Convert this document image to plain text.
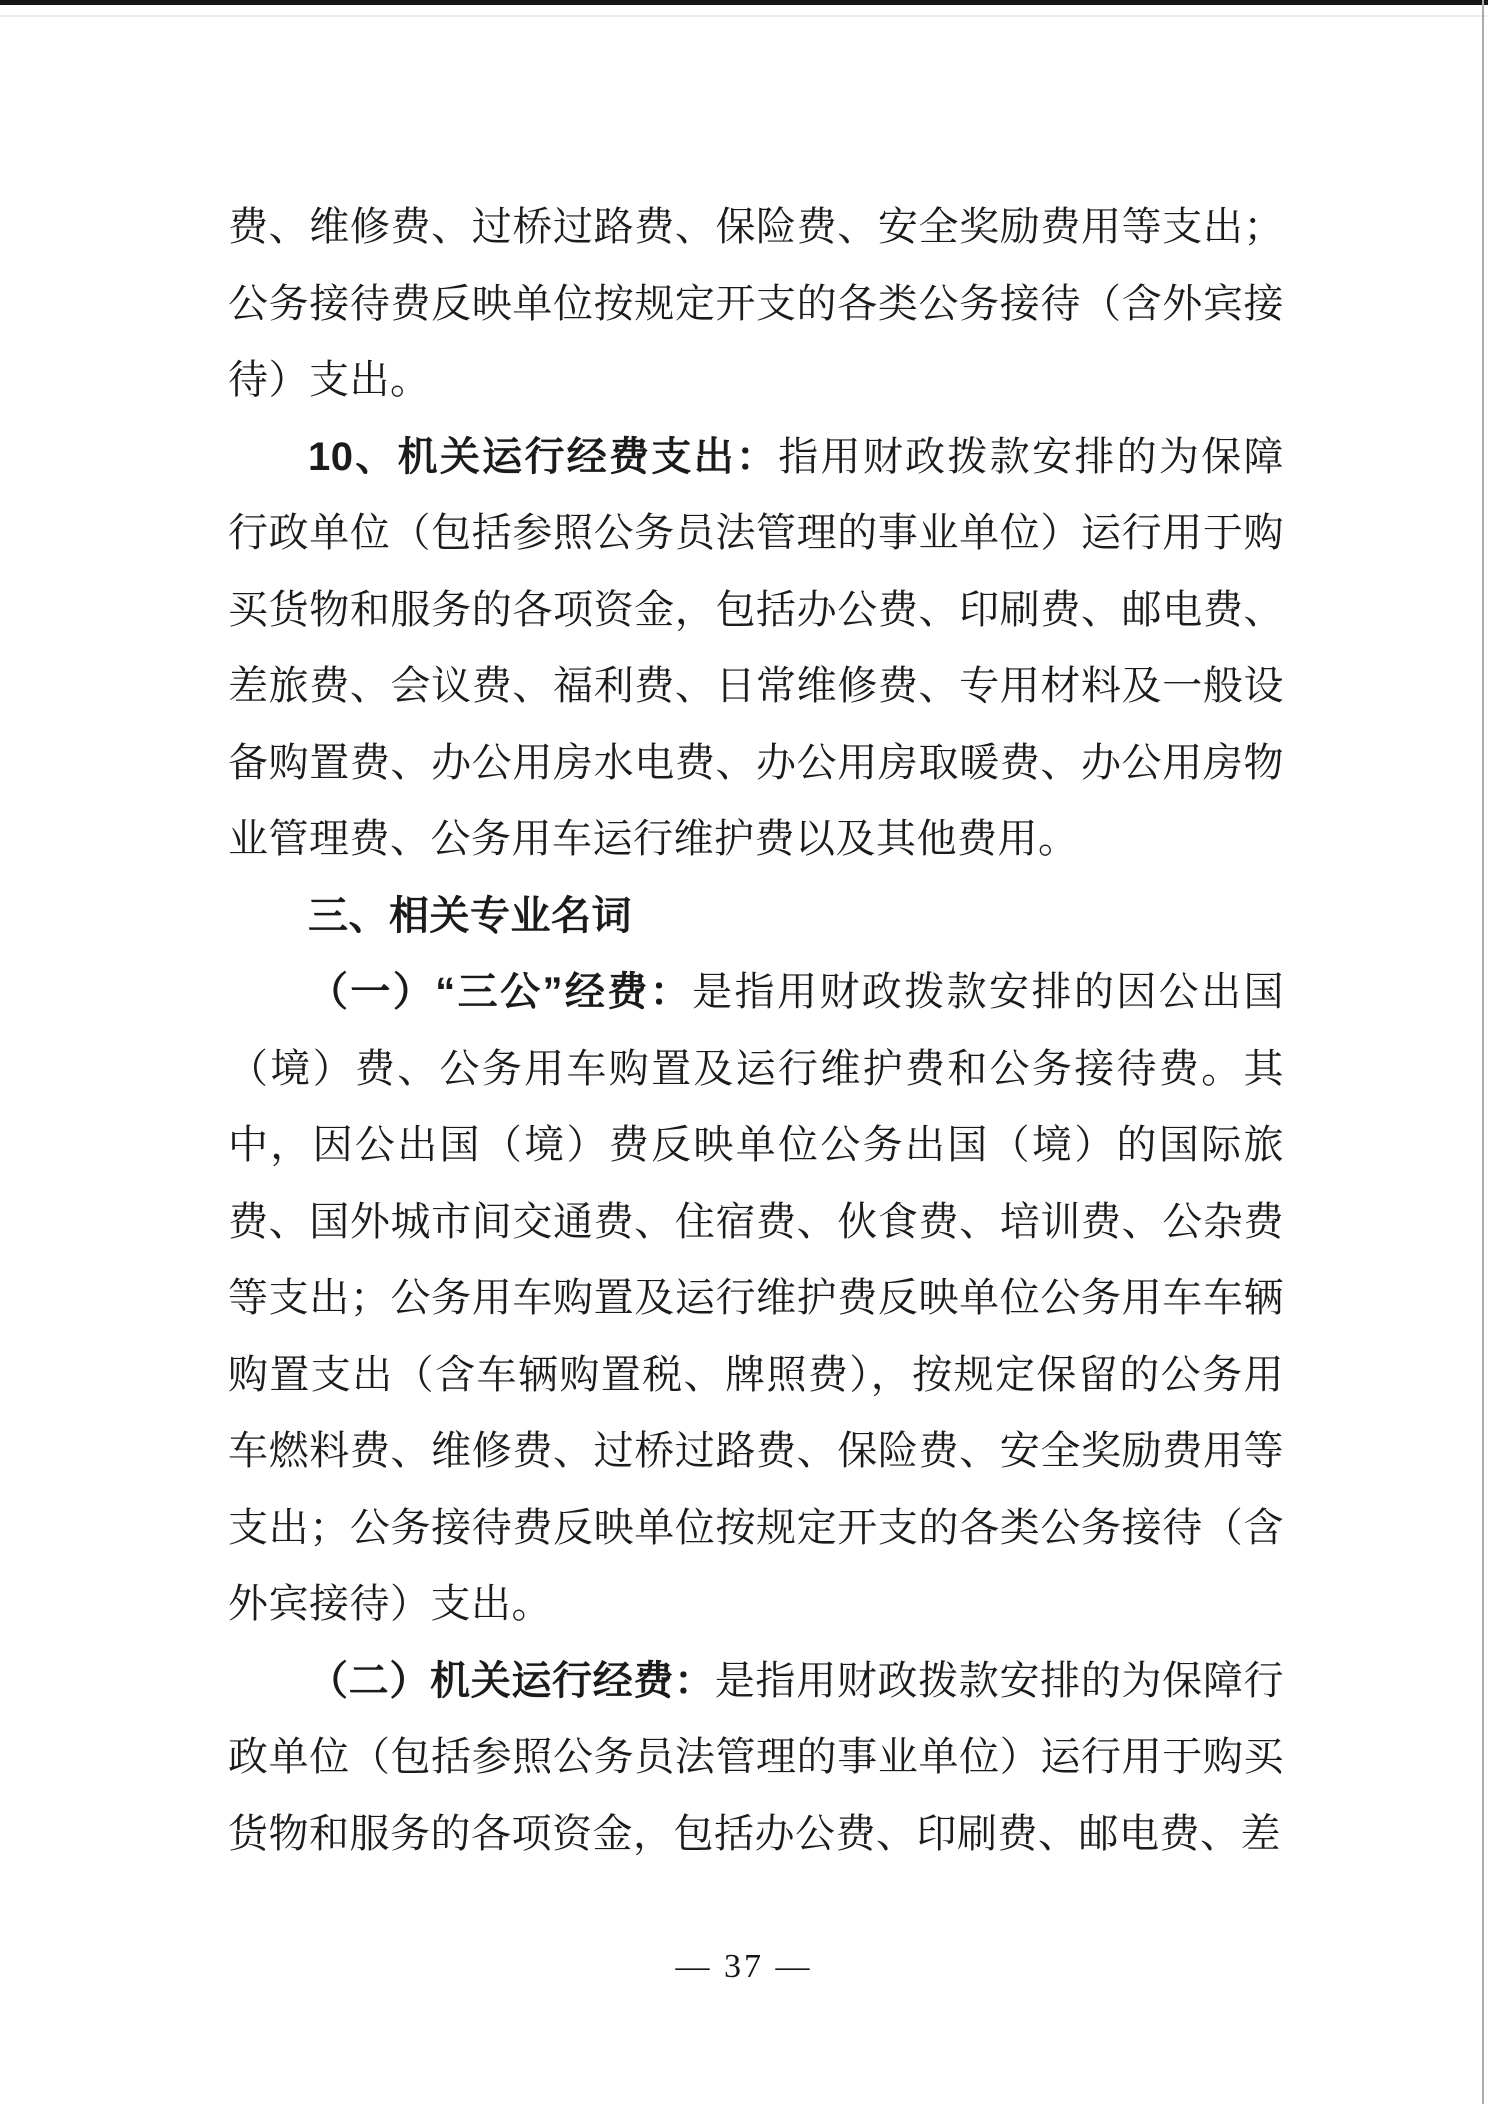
费、维修费、过桥过路费、保险费、安全奖励费用等支出；公务接待费反映单位按规定开支的各类公务接待（含外宾接待）支出。

10、机关运行经费支出：指用财政拨款安排的为保障行政单位（包括参照公务员法管理的事业单位）运行用于购买货物和服务的各项资金，包括办公费、印刷费、邮电费、差旅费、会议费、福利费、日常维修费、专用材料及一般设备购置费、办公用房水电费、办公用房取暖费、办公用房物业管理费、公务用车运行维护费以及其他费用。

三、相关专业名词

（一）“三公”经费：是指用财政拨款安排的因公出国（境）费、公务用车购置及运行维护费和公务接待费。其中，因公出国（境）费反映单位公务出国（境）的国际旅费、国外城市间交通费、住宿费、伙食费、培训费、公杂费等支出；公务用车购置及运行维护费反映单位公务用车车辆购置支出（含车辆购置税、牌照费），按规定保留的公务用车燃料费、维修费、过桥过路费、保险费、安全奖励费用等支出；公务接待费反映单位按规定开支的各类公务接待（含外宾接待）支出。

（二）机关运行经费：是指用财政拨款安排的为保障行政单位（包括参照公务员法管理的事业单位）运行用于购买货物和服务的各项资金，包括办公费、印刷费、邮电费、差

— 37 —
